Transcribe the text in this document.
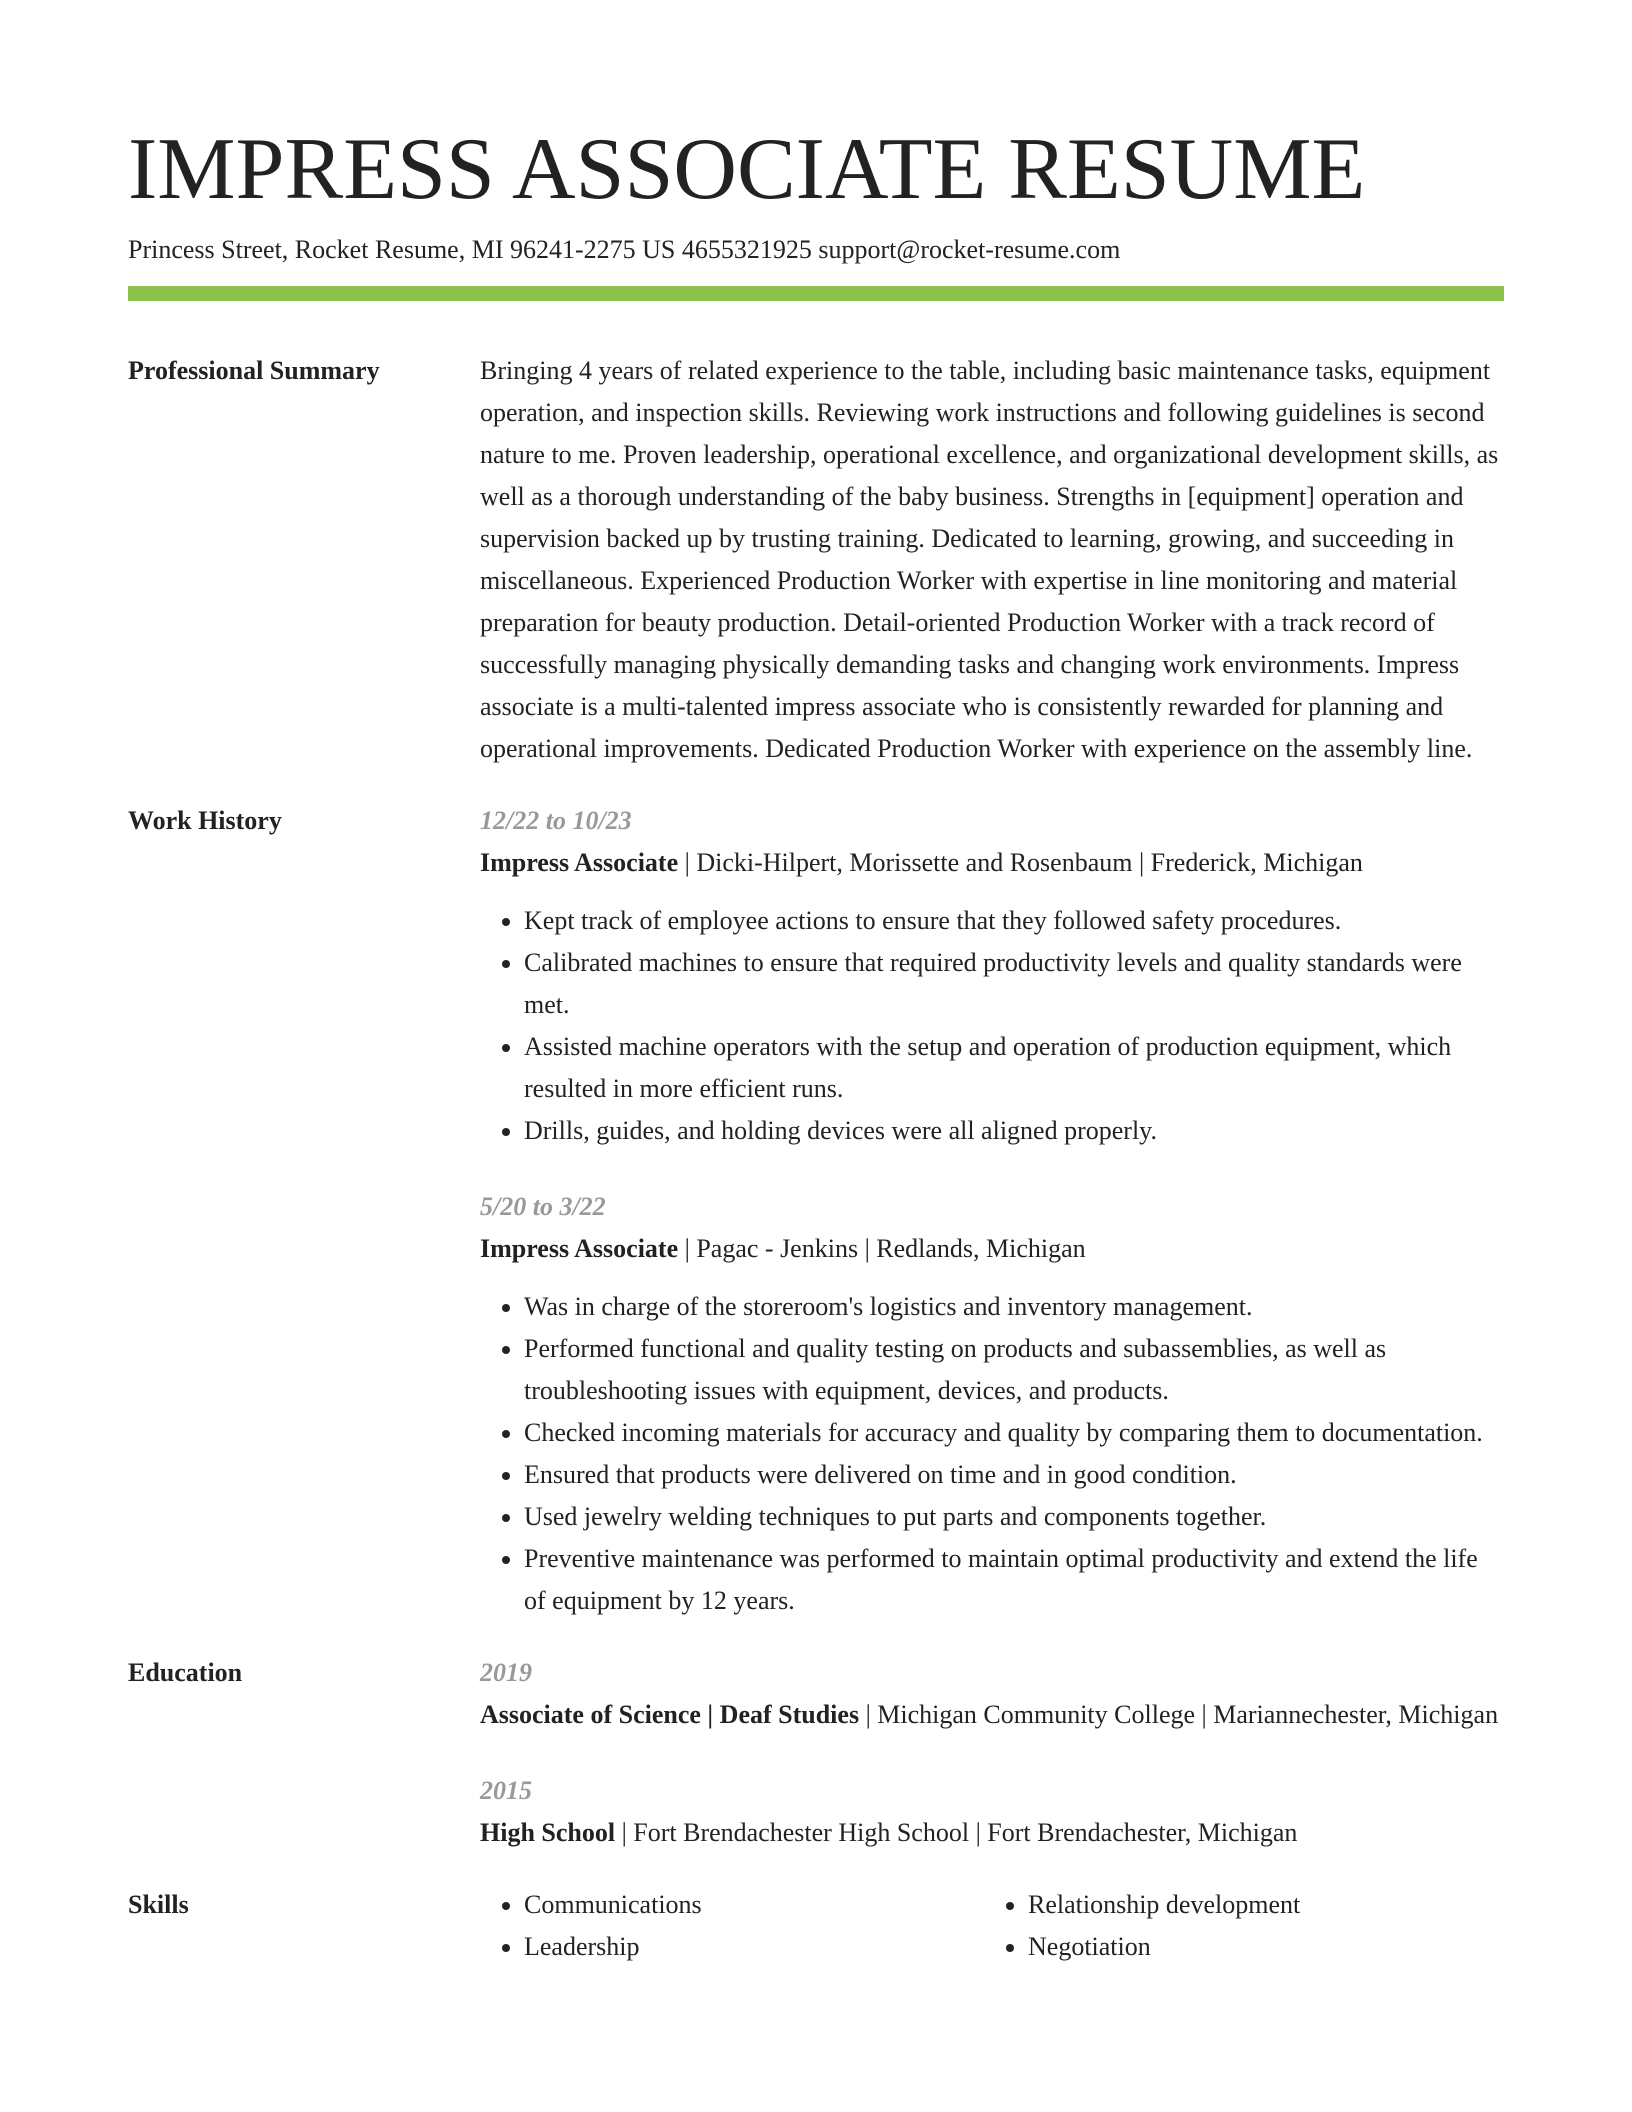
IMPRESS ASSOCIATE RESUME
Princess Street, Rocket Resume, MI 96241-2275 US 4655321925 support@rocket-resume.com
Professional Summary	Bringing 4 years of related experience to the table, including basic maintenance tasks, equipment operation, and inspection skills. Reviewing work instructions and following guidelines is second nature to me. Proven leadership, operational excellence, and organizational development skills, as well as a thorough understanding of the baby business. Strengths in [equipment] operation and supervision backed up by trusting training. Dedicated to learning, growing, and succeeding in miscellaneous. Experienced Production Worker with expertise in line monitoring and material preparation for beauty production. Detail-oriented Production Worker with a track record of successfully managing physically demanding tasks and changing work environments. Impress associate is a multi-talented impress associate who is consistently rewarded for planning and operational improvements. Dedicated Production Worker with experience on the assembly line.

Work History	12/22 to 10/23

Impress Associate | Dicki-Hilpert, Morissette and Rosenbaum | Frederick, Michigan

• Kept track of employee actions to ensure that they followed safety procedures.
• Calibrated machines to ensure that required productivity levels and quality standards were met.
• Assisted machine operators with the setup and operation of production equipment, which resulted in more efficient runs.
• Drills, guides, and holding devices were all aligned properly.
5/20 to 3/22

Impress Associate | Pagac - Jenkins | Redlands, Michigan

• Was in charge of the storeroom's logistics and inventory management.
• Performed functional and quality testing on products and subassemblies, as well as troubleshooting issues with equipment, devices, and products.
• Checked incoming materials for accuracy and quality by comparing them to documentation.
• Ensured that products were delivered on time and in good condition.
• Used jewelry welding techniques to put parts and components together.
• Preventive maintenance was performed to maintain optimal productivity and extend the life of equipment by 12 years.
Education	2019

Associate of Science | Deaf Studies | Michigan Community College | Mariannechester, Michigan

2015

High School | Fort Brendachester High School | Fort Brendachester, Michigan

Skills
•	Communications
• Leadership
• Relationship development
• Negotiation
